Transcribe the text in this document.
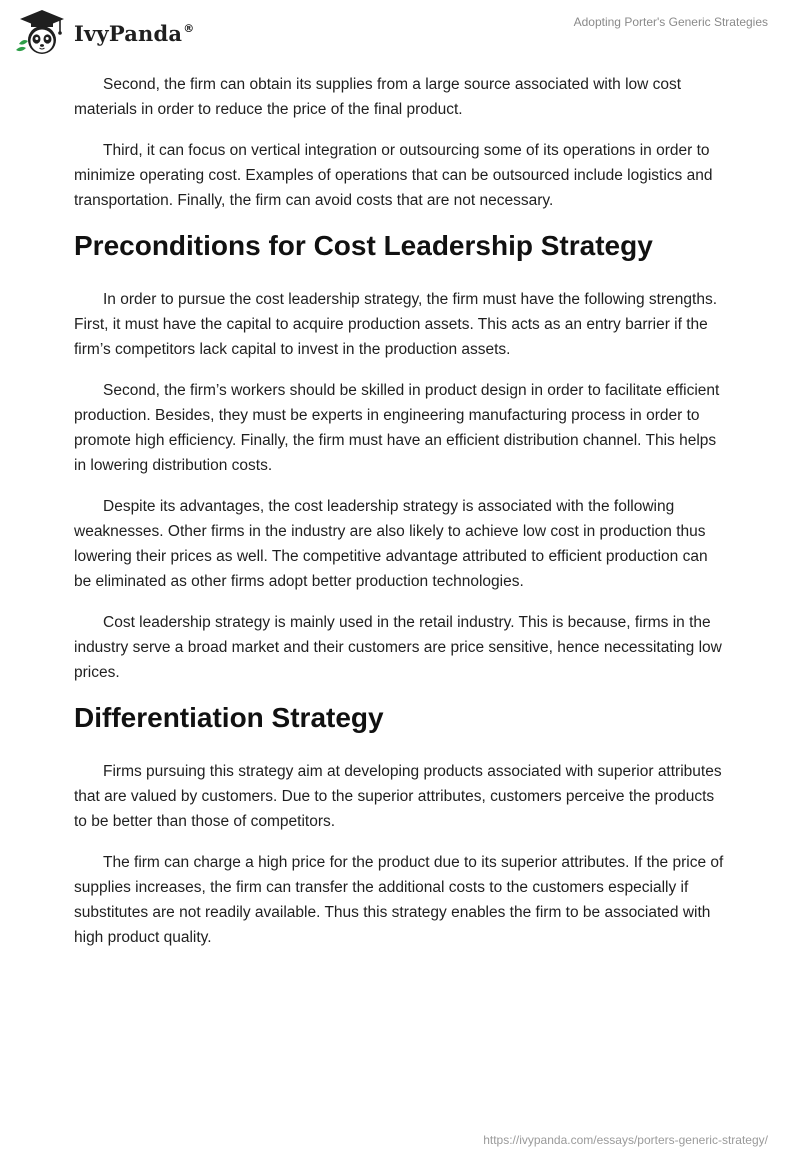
IvyPanda®	Adopting Porter's Generic Strategies

Second, the firm can obtain its supplies from a large source associated with low cost materials in order to reduce the price of the final product.

Third, it can focus on vertical integration or outsourcing some of its operations in order to minimize operating cost. Examples of operations that can be outsourced include logistics and transportation. Finally, the firm can avoid costs that are not necessary.

Preconditions for Cost Leadership Strategy

In order to pursue the cost leadership strategy, the firm must have the following strengths. First, it must have the capital to acquire production assets. This acts as an entry barrier if the firm’s competitors lack capital to invest in the production assets.

Second, the firm’s workers should be skilled in product design in order to facilitate efficient production. Besides, they must be experts in engineering manufacturing process in order to promote high efficiency. Finally, the firm must have an efficient distribution channel. This helps in lowering distribution costs.

Despite its advantages, the cost leadership strategy is associated with the following weaknesses. Other firms in the industry are also likely to achieve low cost in production thus lowering their prices as well. The competitive advantage attributed to efficient production can be eliminated as other firms adopt better production technologies.

Cost leadership strategy is mainly used in the retail industry. This is because, firms in the industry serve a broad market and their customers are price sensitive, hence necessitating low prices.

Differentiation Strategy

Firms pursuing this strategy aim at developing products associated with superior attributes that are valued by customers. Due to the superior attributes, customers perceive the products to be better than those of competitors.

The firm can charge a high price for the product due to its superior attributes. If the price of supplies increases, the firm can transfer the additional costs to the customers especially if substitutes are not readily available. Thus this strategy enables the firm to be associated with high product quality.

https://ivypanda.com/essays/porters-generic-strategy/
